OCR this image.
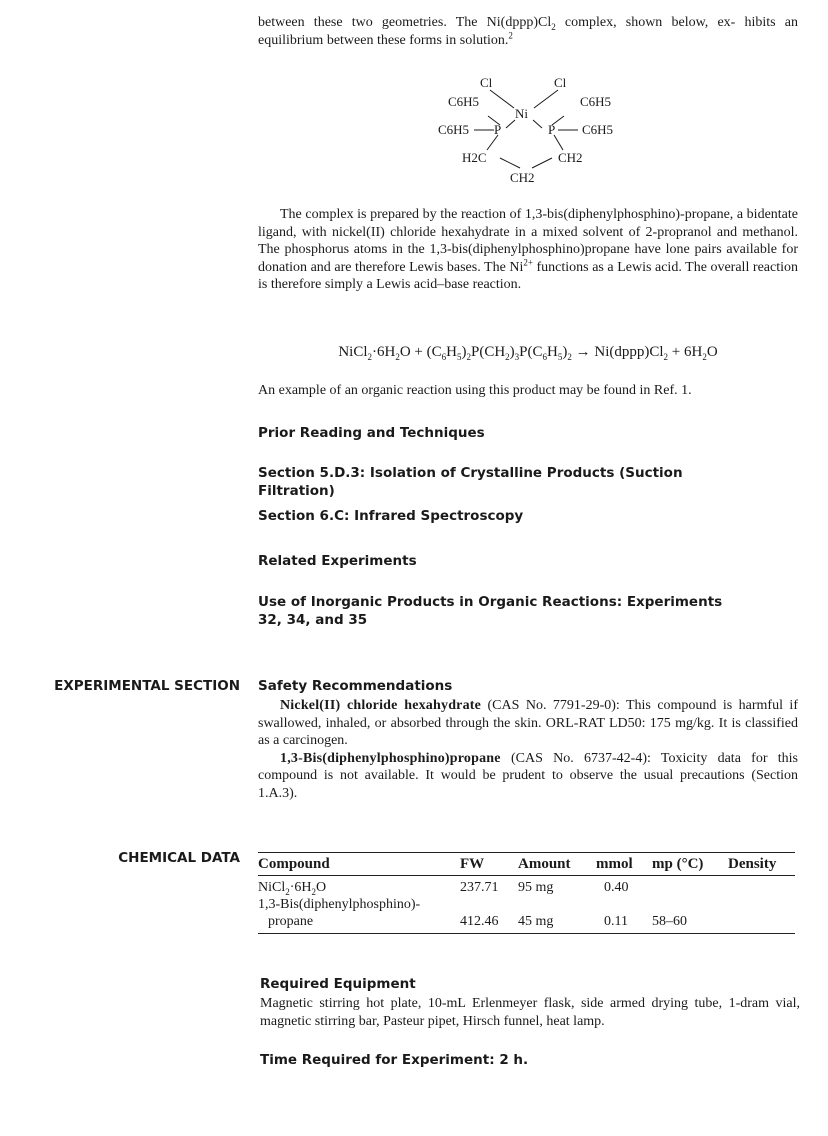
between these two geometries. The $Ni(dppp)Cl_2$ complex, shown below, ex- hibits an equilibrium between these forms in solution.$^2$

Cl	Cl
Ni
C6H5
C6H5
C6H5
C6H5
P	P
H2C	CH2
CH2

The complex is prepared by the reaction of 1,3-bis(diphenylphosphino)-propane, a bidentate ligand, with nickel(II) chloride hexahydrate in a mixed solvent of 2-propranol and methanol. The phosphorus atoms in the 1,3-bis(diphenylphosphino)propane have lone pairs available for donation and are therefore Lewis bases. The $Ni^{2+}$ functions as a Lewis acid. The overall reaction is therefore simply a Lewis acid–base reaction.

$NiCl_2\cdot 6H_2O + (C_6H_5)_2P(CH_2)_3P(C_6H_5)_2$ → $Ni(dppp)Cl_2 + 6H_2O$

An example of an organic reaction using this product may be found in Ref. 1.

Prior Reading and Techniques
Section 5.D.3: Isolation of Crystalline Products (Suction Filtration)
Section 6.C: Infrared Spectroscopy
Related Experiments
Use of Inorganic Products in Organic Reactions: Experiments 32, 34, and 35
EXPERIMENTAL SECTION Safety Recommendations

Nickel(II) chloride hexahydrate (CAS No. 7791-29-0): This compound is harmful if swallowed, inhaled, or absorbed through the skin. ORL-RAT LD50: 175 mg/kg. It is classified as a carcinogen.

1,3-Bis(diphenylphosphino)propane (CAS No. 6737-42-4): Toxicity data for this compound is not available. It would be prudent to observe the usual precautions (Section 1.A.3).

CHEMICAL DATA Compound	FW	Amount	mmol	mp (°C)	Density
$NiCl_2\cdot 6H_2O$	237.71	95 mg	0.40		
1,3-Bis(diphenylphosphino)-					
propane	412.46	45 mg	0.11	58–60	
Required Equipment

Magnetic stirring hot plate, 10-mL Erlenmeyer flask, side armed drying tube, 1-dram vial, magnetic stirring bar, Pasteur pipet, Hirsch funnel, heat lamp.

Time Required for Experiment: 2 h.
